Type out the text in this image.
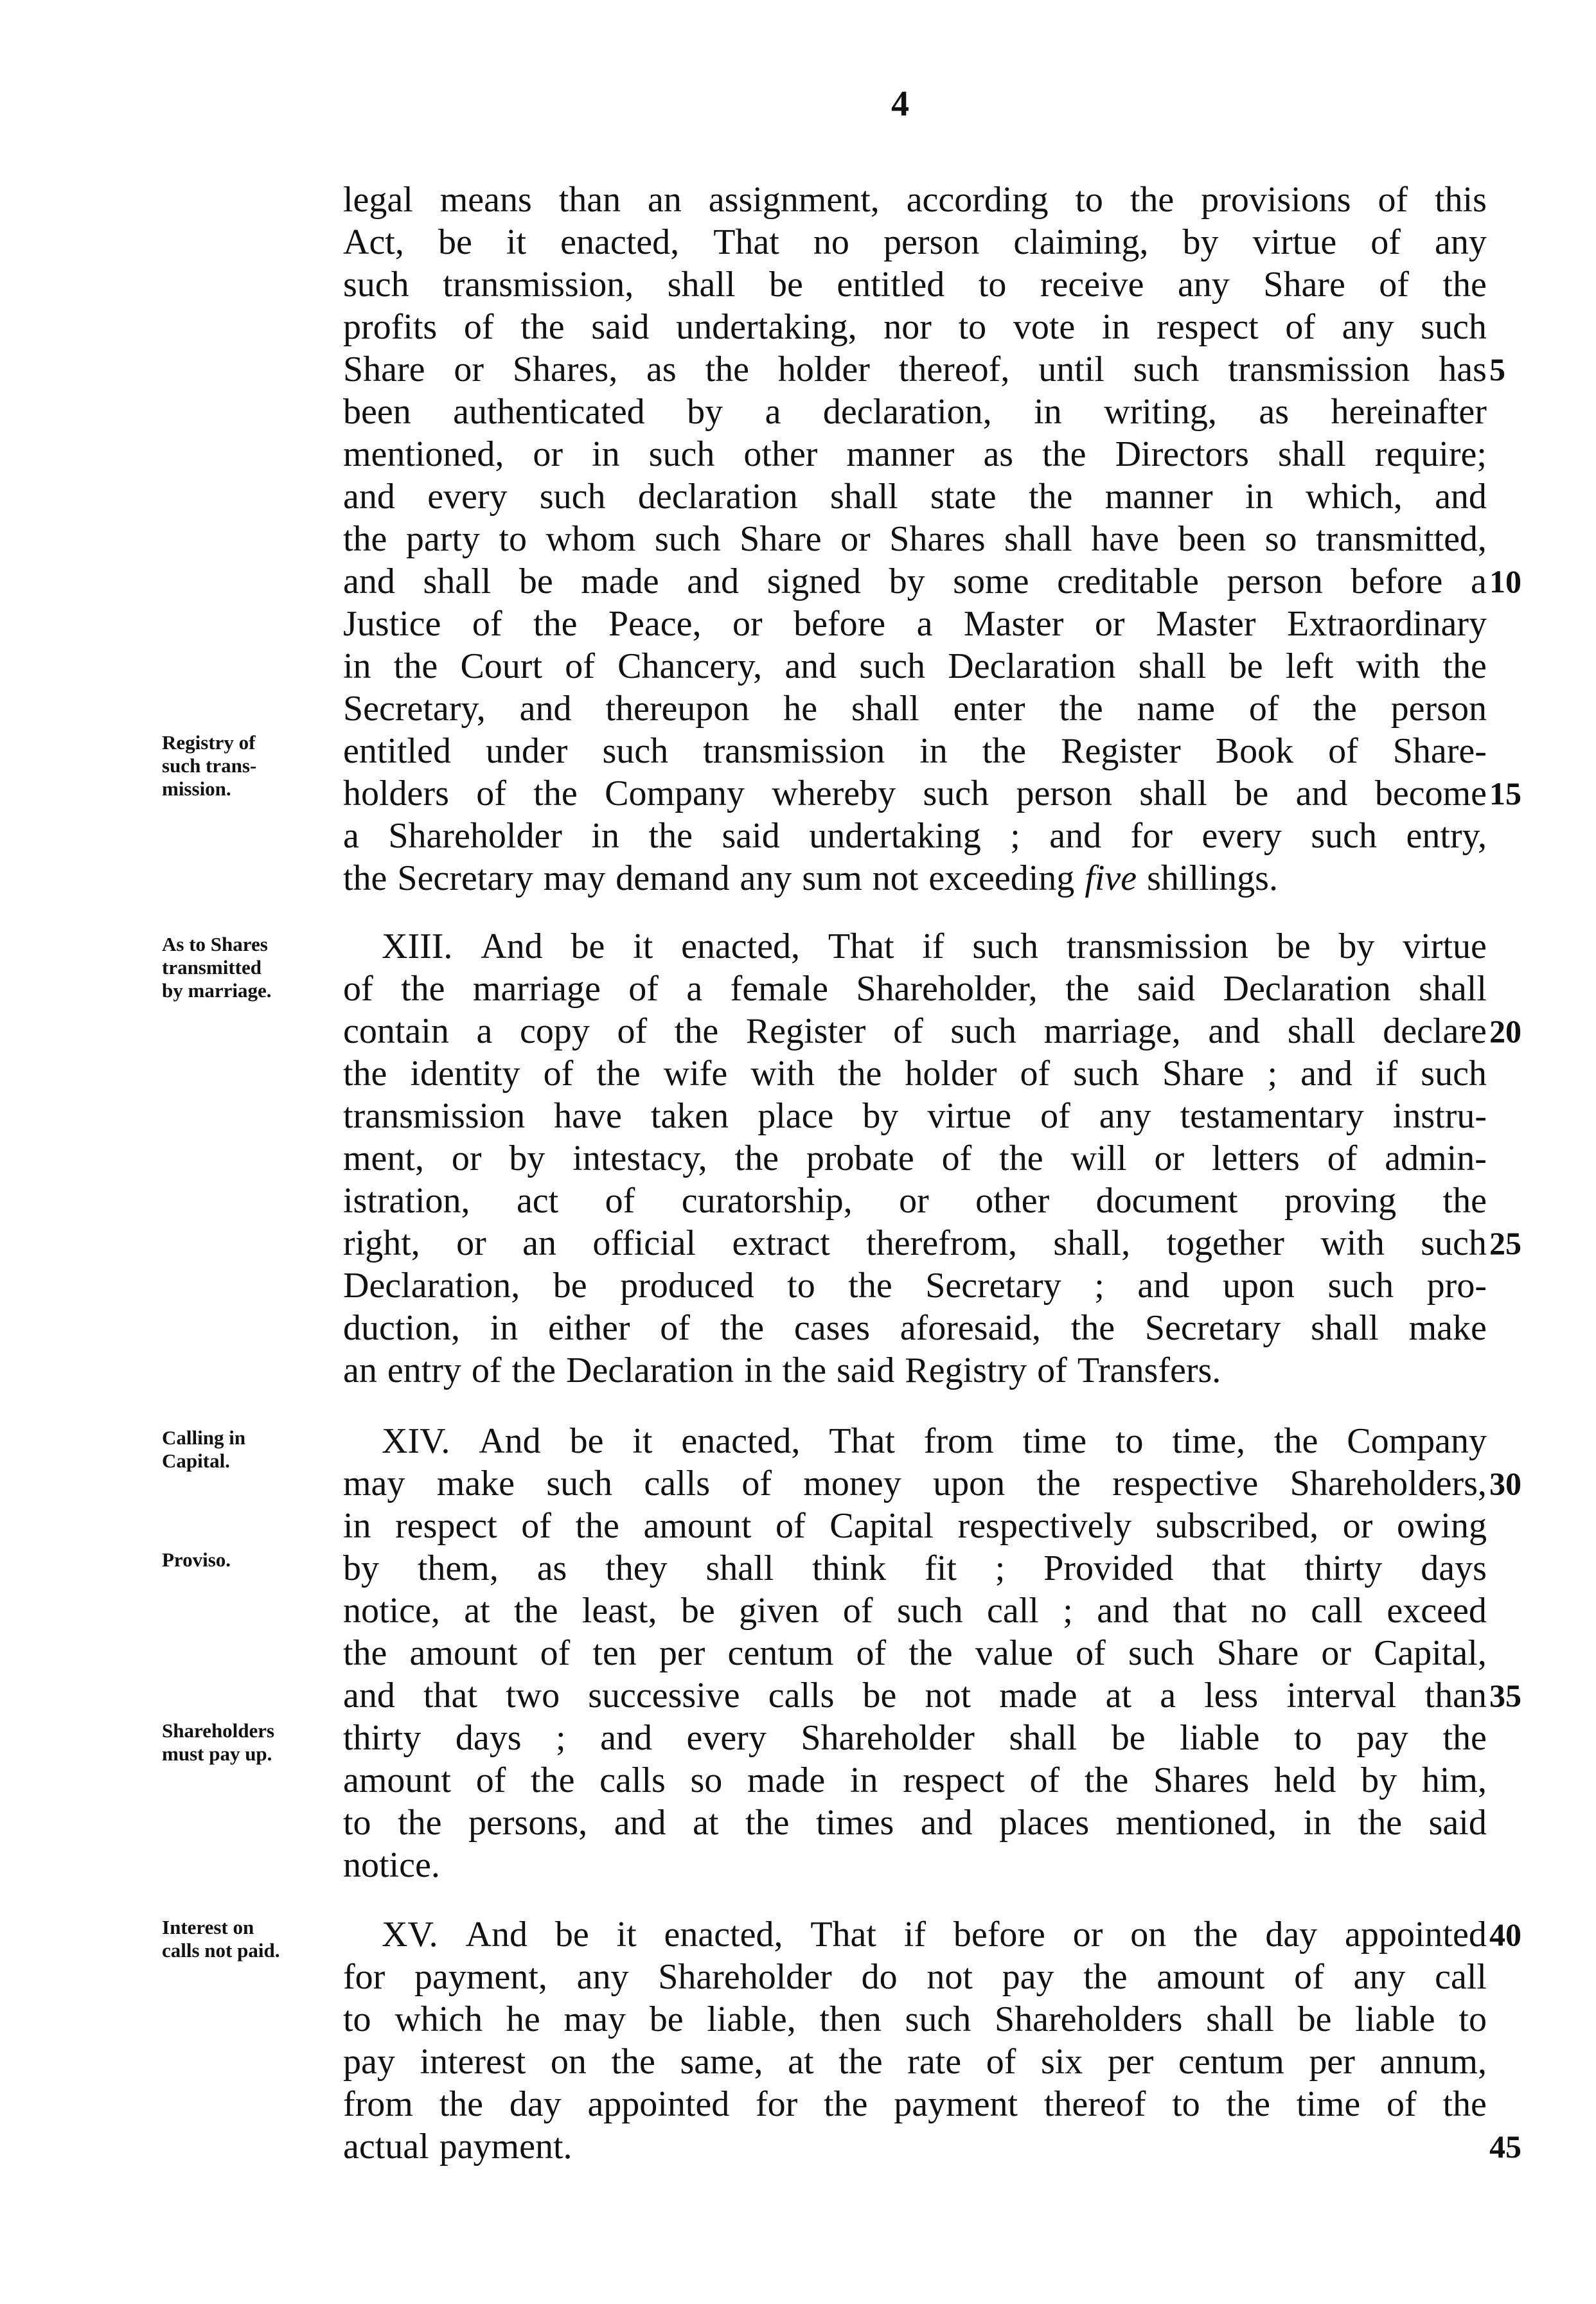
4
legal means than an assignment, according to the provisions of this
Act, be it enacted, That no person claiming, by virtue of any
such transmission, shall be entitled to receive any Share of the
profits of the said undertaking, nor to vote in respect of any such
Share or Shares, as the holder thereof, until such transmission has
been authenticated by a declaration, in writing, as hereinafter
mentioned, or in such other manner as the Directors shall require;
and every such declaration shall state the manner in which, and
the party to whom such Share or Shares shall have been so transmitted,
and shall be made and signed by some creditable person before a
Justice of the Peace, or before a Master or Master Extraordinary
in the Court of Chancery, and such Declaration shall be left with the
Secretary, and thereupon he shall enter the name of the person
entitled under such transmission in the Register Book of Share-
holders of the Company whereby such person shall be and become
a Shareholder in the said undertaking ; and for every such entry,
the Secretary may demand any sum not exceeding five shillings.
XIII. And be it enacted, That if such transmission be by virtue
of the marriage of a female Shareholder, the said Declaration shall
contain a copy of the Register of such marriage, and shall declare
the identity of the wife with the holder of such Share ; and if such
transmission have taken place by virtue of any testamentary instru-
ment, or by intestacy, the probate of the will or letters of admin-
istration, act of curatorship, or other document proving the
right, or an official extract therefrom, shall, together with such
Declaration, be produced to the Secretary ; and upon such pro-
duction, in either of the cases aforesaid, the Secretary shall make
an entry of the Declaration in the said Registry of Transfers.
XIV. And be it enacted, That from time to time, the Company
may make such calls of money upon the respective Shareholders,
in respect of the amount of Capital respectively subscribed, or owing
by them, as they shall think fit ; Provided that thirty days
notice, at the least, be given of such call ; and that no call exceed
the amount of ten per centum of the value of such Share or Capital,
and that two successive calls be not made at a less interval than
thirty days ; and every Shareholder shall be liable to pay the
amount of the calls so made in respect of the Shares held by him,
to the persons, and at the times and places mentioned, in the said
notice.
XV. And be it enacted, That if before or on the day appointed
for payment, any Shareholder do not pay the amount of any call
to which he may be liable, then such Shareholders shall be liable to
pay interest on the same, at the rate of six per centum per annum,
from the day appointed for the payment thereof to the time of the
actual payment.
Registry of
such trans-
mission.
As to Shares
transmitted
by marriage.
Calling in
Capital.
Proviso.
Shareholders
must pay up.
Interest on
calls not paid.
5
10
15
20
25
30
35
40
45
